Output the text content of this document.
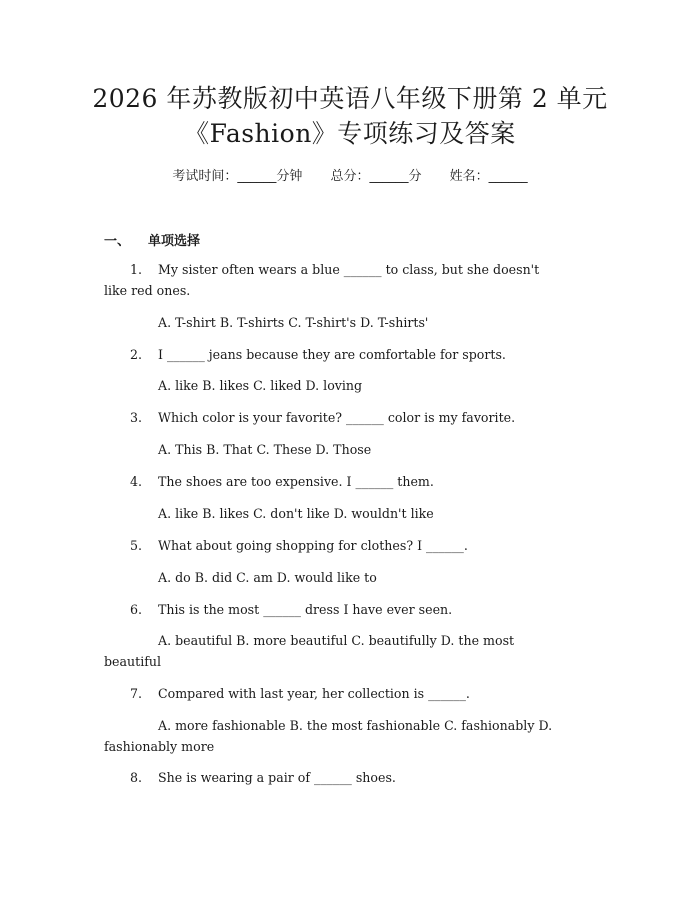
2026 年苏教版初中英语八年级下册第 2 单元
《Fashion》专项练习及答案
考试时间：______分钟 总分：______分 姓名：______
一、 单项选择
1. My sister often wears a blue ______ to class, but she doesn't
like red ones.
A. T-shirt B. T-shirts C. T-shirt's D. T-shirts'
2. I ______ jeans because they are comfortable for sports.
A. like B. likes C. liked D. loving
3. Which color is your favorite? ______ color is my favorite.
A. This B. That C. These D. Those
4. The shoes are too expensive. I ______ them.
A. like B. likes C. don't like D. wouldn't like
5. What about going shopping for clothes? I ______.
A. do B. did C. am D. would like to
6. This is the most ______ dress I have ever seen.
A. beautiful B. more beautiful C. beautifully D. the most
beautiful
7. Compared with last year, her collection is ______.
A. more fashionable B. the most fashionable C. fashionably D.
fashionably more
8. She is wearing a pair of ______ shoes.
